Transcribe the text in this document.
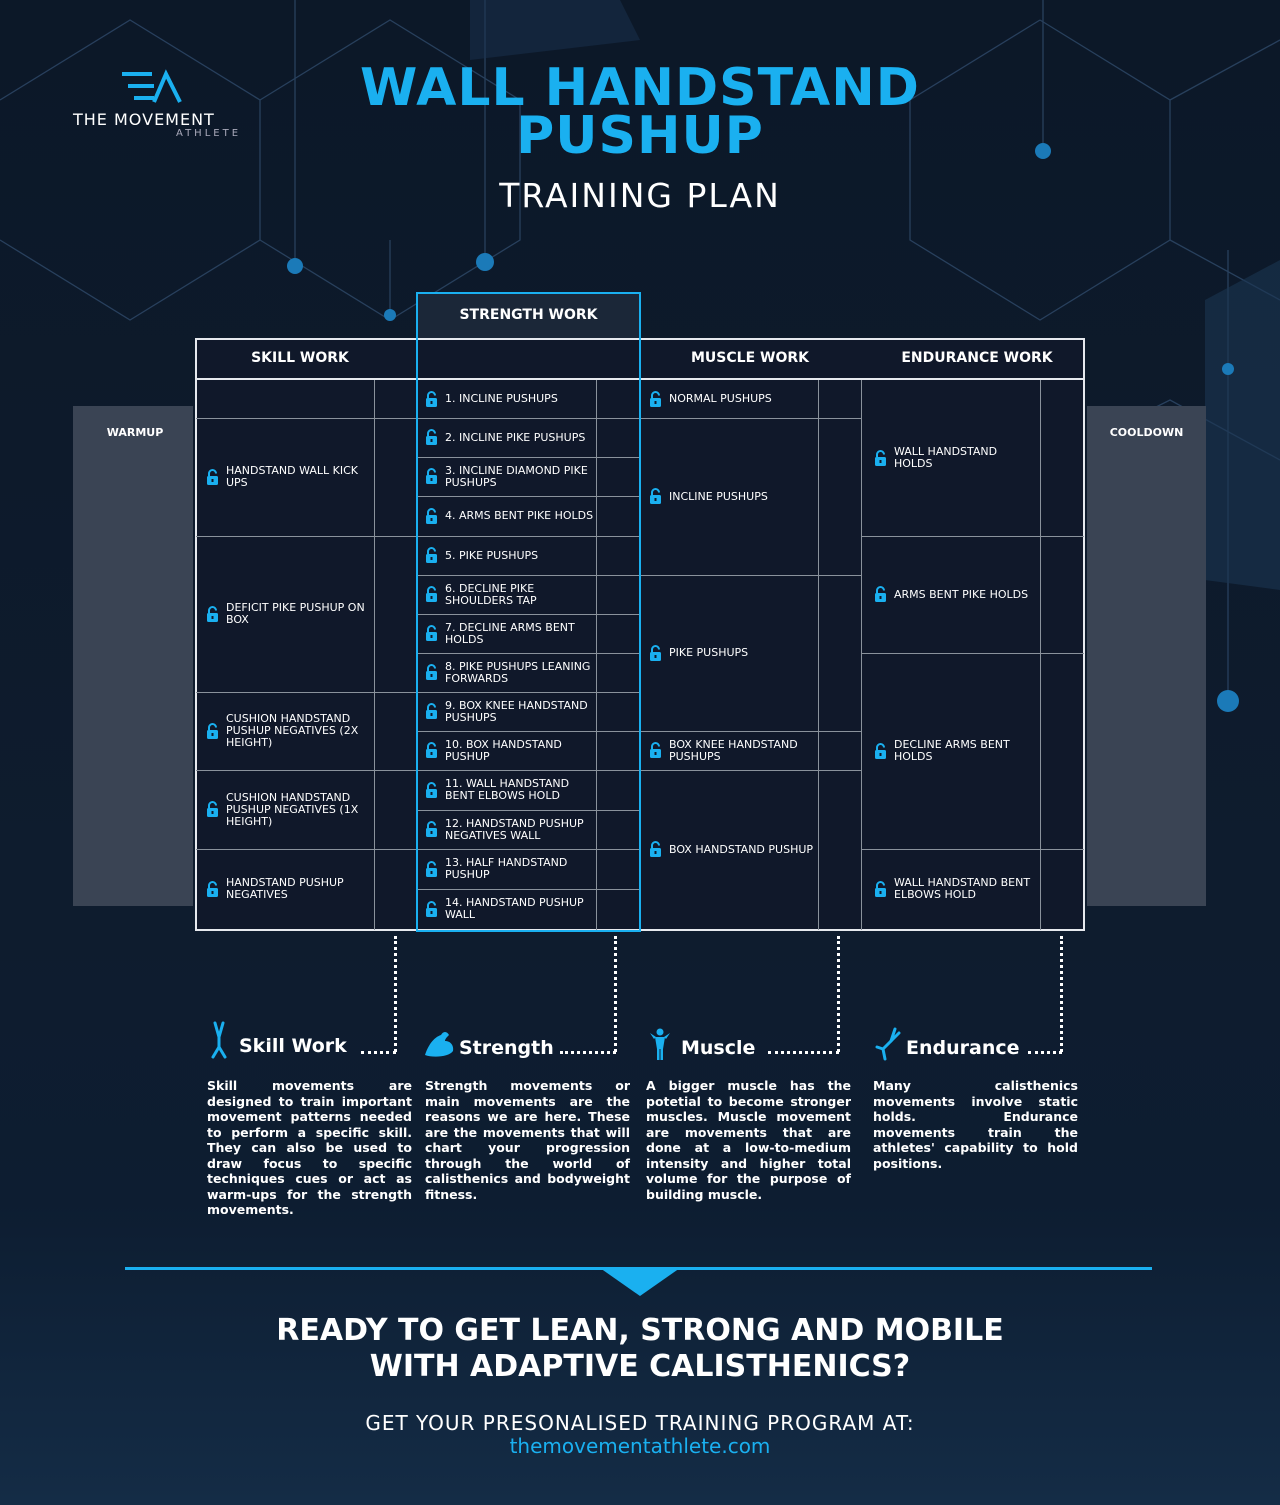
THE MOVEMENT
ATHLETE
WALL HANDSTAND
PUSHUP
TRAINING PLAN
WARMUP	COOLDOWN
SKILL WORK
STRENGTH WORK
MUSCLE WORK	ENDURANCE WORK
HANDSTAND WALL KICK UPS
DEFICIT PIKE PUSHUP ON BOX
CUSHION HANDSTAND PUSHUP NEGATIVES (2X HEIGHT)
CUSHION HANDSTAND PUSHUP NEGATIVES (1X HEIGHT)
HANDSTAND PUSHUP NEGATIVES
1. INCLINE PUSHUPS
2. INCLINE PIKE PUSHUPS
3. INCLINE DIAMOND PIKE PUSHUPS
4. ARMS BENT PIKE HOLDS
5. PIKE PUSHUPS
6. DECLINE PIKE SHOULDERS TAP
7. DECLINE ARMS BENT HOLDS
8. PIKE PUSHUPS LEANING FORWARDS
9. BOX KNEE HANDSTAND PUSHUPS
10. BOX HANDSTAND PUSHUP
11. WALL HANDSTAND BENT ELBOWS HOLD
12. HANDSTAND PUSHUP NEGATIVES WALL
13. HALF HANDSTAND PUSHUP
14. HANDSTAND PUSHUP WALL
NORMAL PUSHUPS
INCLINE PUSHUPS
PIKE PUSHUPS
BOX KNEE HANDSTAND PUSHUPS
BOX HANDSTAND PUSHUP
WALL HANDSTAND HOLDS
ARMS BENT PIKE HOLDS
DECLINE ARMS BENT HOLDS
WALL HANDSTAND BENT ELBOWS HOLD
Skill Work
Skill movements are designed to train important movement patterns needed to perform a specific skill. They can also be used to draw focus to specific techniques cues or act as warm-ups for the strength movements.
Strength
Strength movements or main movements are the reasons we are here. These are the movements that will chart your progression through the world of calisthenics and bodyweight fitness.
Muscle
A bigger muscle has the potetial to become stronger muscles. Muscle movement are movements that are done at a low-to-medium intensity and higher total volume for the purpose of building muscle.
Endurance
Many calisthenics movements involve static holds. Endurance movements train the athletes' capability to hold positions.
READY TO GET LEAN, STRONG AND MOBILE
WITH ADAPTIVE CALISTHENICS?
GET YOUR PRESONALISED TRAINING PROGRAM AT:
themovementathlete.com
